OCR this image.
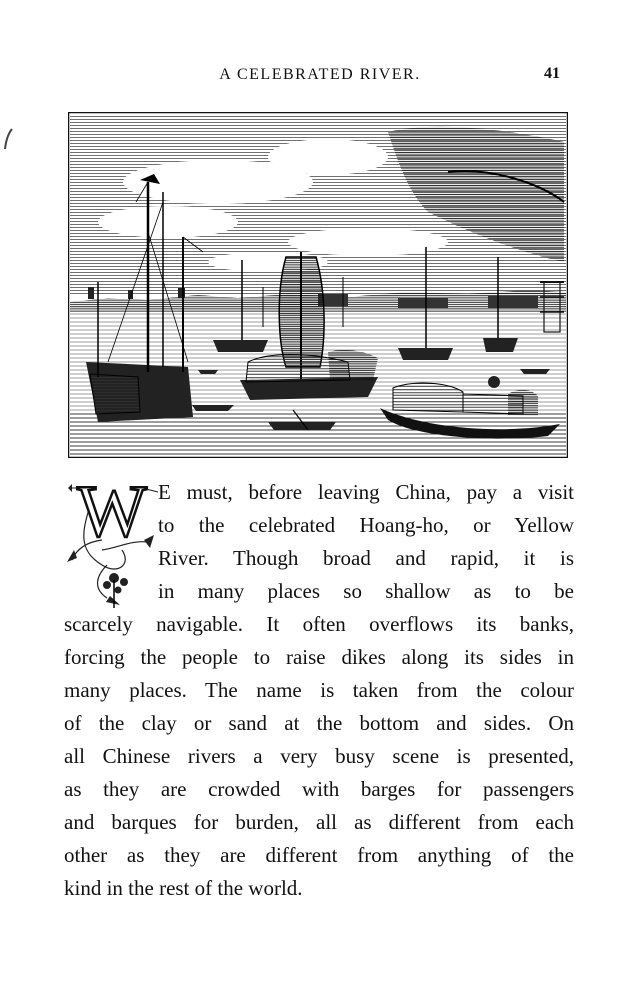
A CELEBRATED RIVER.	41
W E must, before leaving China, pay a visit
to the celebrated Hoang-ho, or Yellow
River. Though broad and rapid, it is
in many places so shallow as to be
scarcely navigable. It often overflows its banks,
forcing the people to raise dikes along its sides in
many places. The name is taken from the colour
of the clay or sand at the bottom and sides. On
all Chinese rivers a very busy scene is presented,
as they are crowded with barges for passengers
and barques for burden, all as different from each
other as they are different from anything of the
kind in the rest of the world.
